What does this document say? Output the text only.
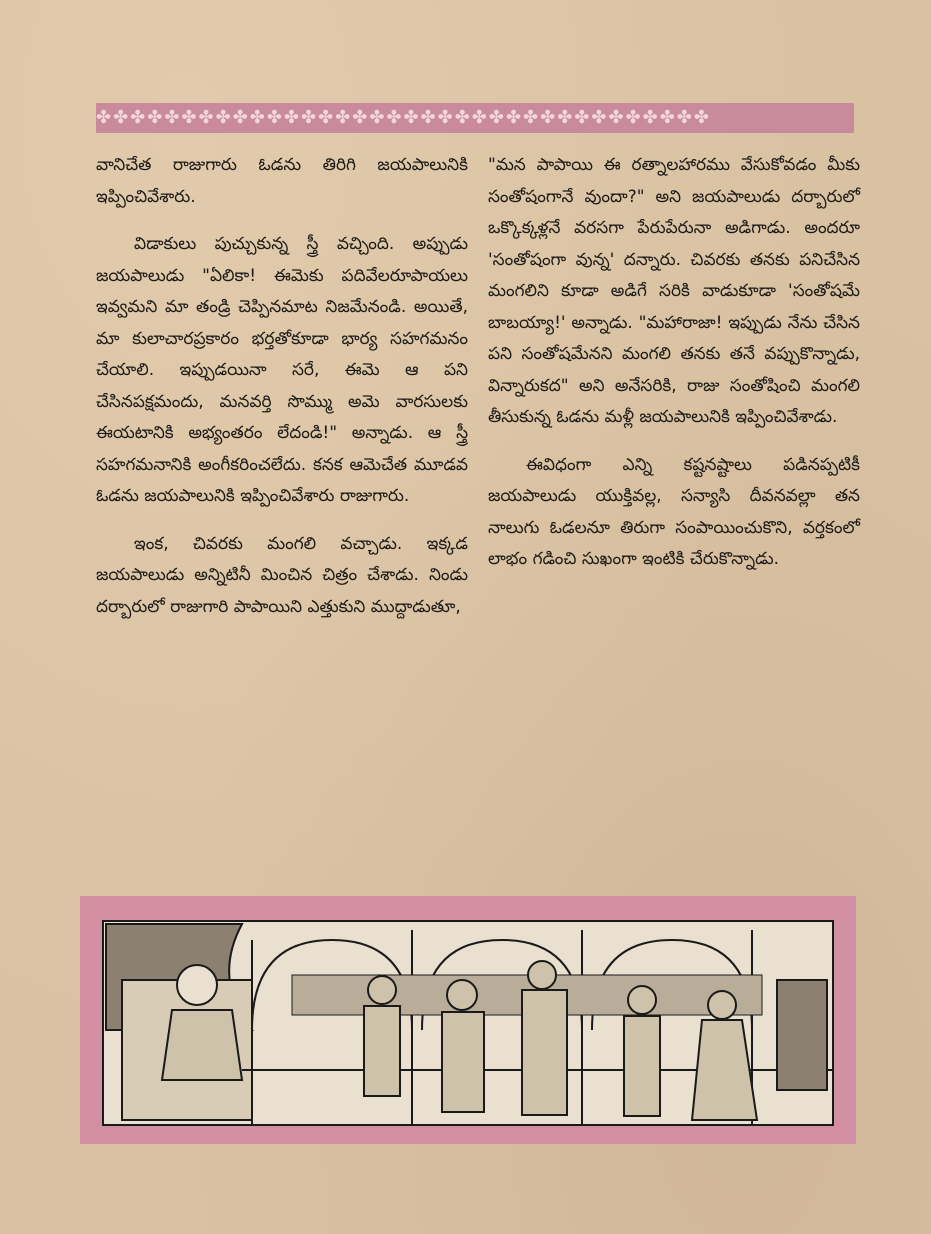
✤✤✤✤✤✤✤✤✤✤✤✤✤✤✤✤✤✤✤✤✤✤✤✤✤✤✤✤✤✤✤✤✤✤✤✤

వానిచేత రాజుగారు ఓడను తిరిగి జయపాలునికి ఇప్పించివేశారు.

విడాకులు పుచ్చుకున్న స్త్రీ వచ్చింది. అప్పుడు జయపాలుడు "ఏలికా! ఈమెకు పదివేలరూపాయలు ఇవ్వమని మా తండ్రి చెప్పినమాట నిజమేనండి. అయితే, మా కులాచారప్రకారం భర్తతోకూడా భార్య సహగమనం చేయాలి. ఇప్పుడయినా సరే, ఈమె ఆ పని చేసినపక్షమందు, మనవర్తి సొమ్ము అమె వారసులకు ఈయటానికి అభ్యంతరం లేదండి!" అన్నాడు. ఆ స్త్రీ సహగమనానికి అంగీకరించలేదు. కనక ఆమెచేత మూడవ ఓడను జయపాలునికి ఇప్పించివేశారు రాజుగారు.

ఇంక, చివరకు మంగలి వచ్చాడు. ఇక్కడ జయపాలుడు అన్నిటినీ మించిన చిత్రం చేశాడు. నిండు దర్బారులో రాజుగారి పాపాయిని ఎత్తుకుని ముద్దాడుతూ,

"మన పాపాయి ఈ రత్నాలహారము వేసుకోవడం మీకు సంతోషంగానే వుందా?" అని జయపాలుడు దర్బారులో ఒక్కొక్కళ్లనే వరసగా పేరుపేరునా అడిగాడు. అందరూ 'సంతోషంగా వున్న' దన్నారు. చివరకు తనకు పనిచేసిన మంగలిని కూడా అడిగే సరికి వాడుకూడా 'సంతోషమే బాబయ్యా!' అన్నాడు. "మహారాజా! ఇప్పుడు నేను చేసిన పని సంతోషమేనని మంగలి తనకు తనే వప్పుకొన్నాడు, విన్నారుకద" అని అనేసరికి, రాజు సంతోషించి మంగలి తీసుకున్న ఓడను మళ్లీ జయపాలునికి ఇప్పించివేశాడు.

ఈవిధంగా ఎన్ని కష్టనష్టాలు పడినప్పటికీ జయపాలుడు యుక్తివల్ల, సన్యాసి దీవనవల్లా తన నాలుగు ఓడలనూ తిరుగా సంపాయించుకొని, వర్తకంలో లాభం గడించి సుఖంగా ఇంటికి చేరుకొన్నాడు.
